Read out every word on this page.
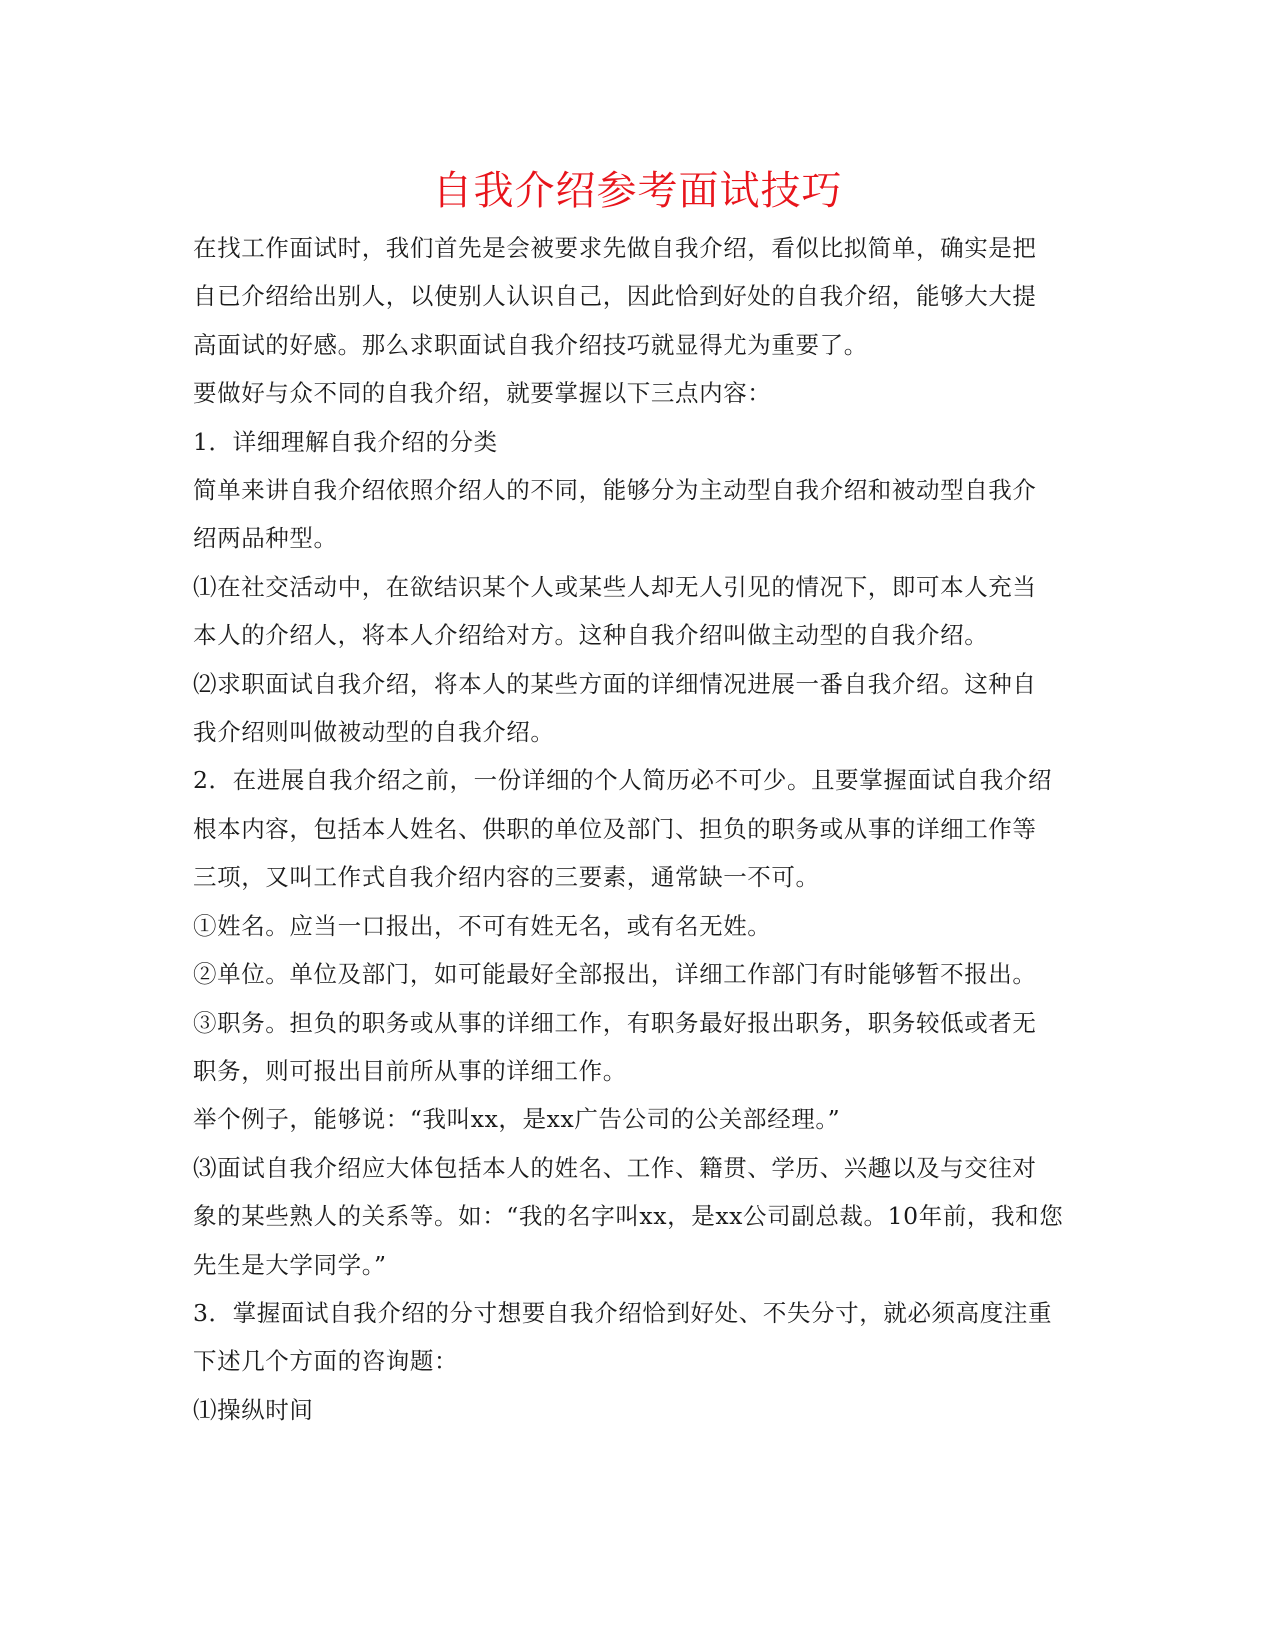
自我介绍参考面试技巧

在找工作面试时，我们首先是会被要求先做自我介绍，看似比拟简单，确实是把

自已介绍给出别人，以使别人认识自己，因此恰到好处的自我介绍，能够大大提

高面试的好感。那么求职面试自我介绍技巧就显得尤为重要了。

要做好与众不同的自我介绍，就要掌握以下三点内容：

1．详细理解自我介绍的分类

简单来讲自我介绍依照介绍人的不同，能够分为主动型自我介绍和被动型自我介

绍两品种型。

⑴在社交活动中，在欲结识某个人或某些人却无人引见的情况下，即可本人充当

本人的介绍人，将本人介绍给对方。这种自我介绍叫做主动型的自我介绍。

⑵求职面试自我介绍，将本人的某些方面的详细情况进展一番自我介绍。这种自

我介绍则叫做被动型的自我介绍。

2．在进展自我介绍之前，一份详细的个人简历必不可少。且要掌握面试自我介绍

根本内容，包括本人姓名、供职的单位及部门、担负的职务或从事的详细工作等

三项，又叫工作式自我介绍内容的三要素，通常缺一不可。

①姓名。应当一口报出，不可有姓无名，或有名无姓。

②单位。单位及部门，如可能最好全部报出，详细工作部门有时能够暂不报出。

③职务。担负的职务或从事的详细工作，有职务最好报出职务，职务较低或者无

职务，则可报出目前所从事的详细工作。

举个例子，能够说：“我叫xx，是xx广告公司的公关部经理。”

⑶面试自我介绍应大体包括本人的姓名、工作、籍贯、学历、兴趣以及与交往对

象的某些熟人的关系等。如：“我的名字叫xx，是xx公司副总裁。10年前，我和您

先生是大学同学。”

3．掌握面试自我介绍的分寸想要自我介绍恰到好处、不失分寸，就必须高度注重

下述几个方面的咨询题：

⑴操纵时间
